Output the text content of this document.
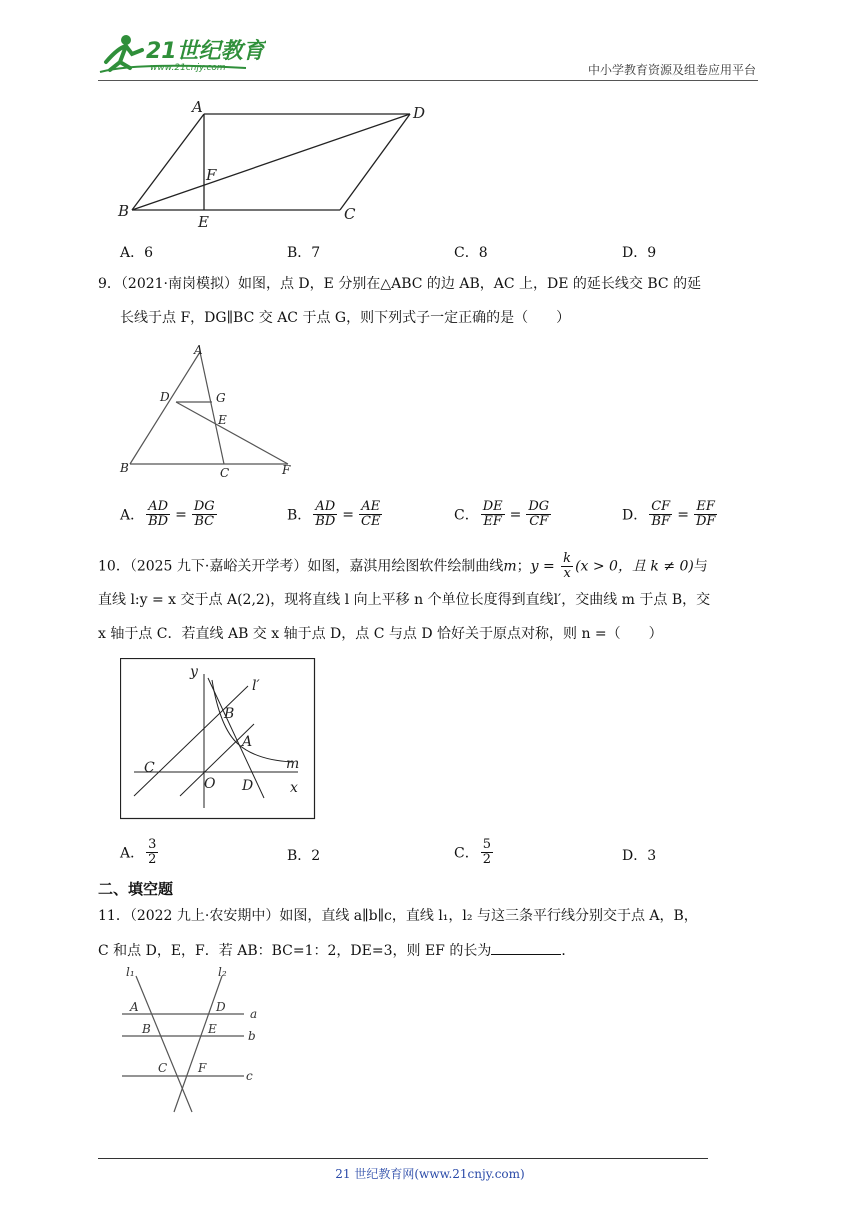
21世纪教育
www.21cnjy.com	中小学教育资源及组卷应用平台
A	D
F
B
E	C
A．6	B．7	C．8	D．9
9．（2021·南岗模拟）如图，点 D，E 分别在△ABC 的边 AB，AC 上，DE 的延长线交 BC 的延
长线于点 F，DG∥BC 交 AC 于点 G，则下列式子一定正确的是（　　）
A
D	G
E
B	C	F
A． $\frac{AD}{BD} = \frac{DG}{BC}$	B． $\frac{AD}{BD} = \frac{AE}{CE}$	C． $\frac{DE}{EF} = \frac{DG}{CF}$	D． $\frac{CF}{BF} = \frac{EF}{DF}$
10．（2025 九下·嘉峪关开学考）如图，嘉淇用绘图软件绘制曲线m；$y = \frac{k}{x} (x > 0$，且 k ≠ 0)与
直线 l:y = x 交于点 A(2,2)，现将直线 l 向上平移 n 个单位长度得到直线l′，交曲线 m 于点 B，交
x 轴于点 C．若直线 AB 交 x 轴于点 D，点 C 与点 D 恰好关于原点对称，则 n =（　　）
y
l′
B
A
m
C
O D	x
A． $\frac{3}{2}$	B．2	C． $\frac{5}{2}$	D．3
二、填空题
11．（2022 九上·农安期中）如图，直线 a∥b∥c，直线 l₁，l₂ 与这三条平行线分别交于点 A，B，
C 和点 D，E，F．若 AB：BC=1：2，DE=3，则 EF 的长为	．
l₁	l₂
A	D a
B	E	b
C	F
c
21 世纪教育网(www.21cnjy.com)
